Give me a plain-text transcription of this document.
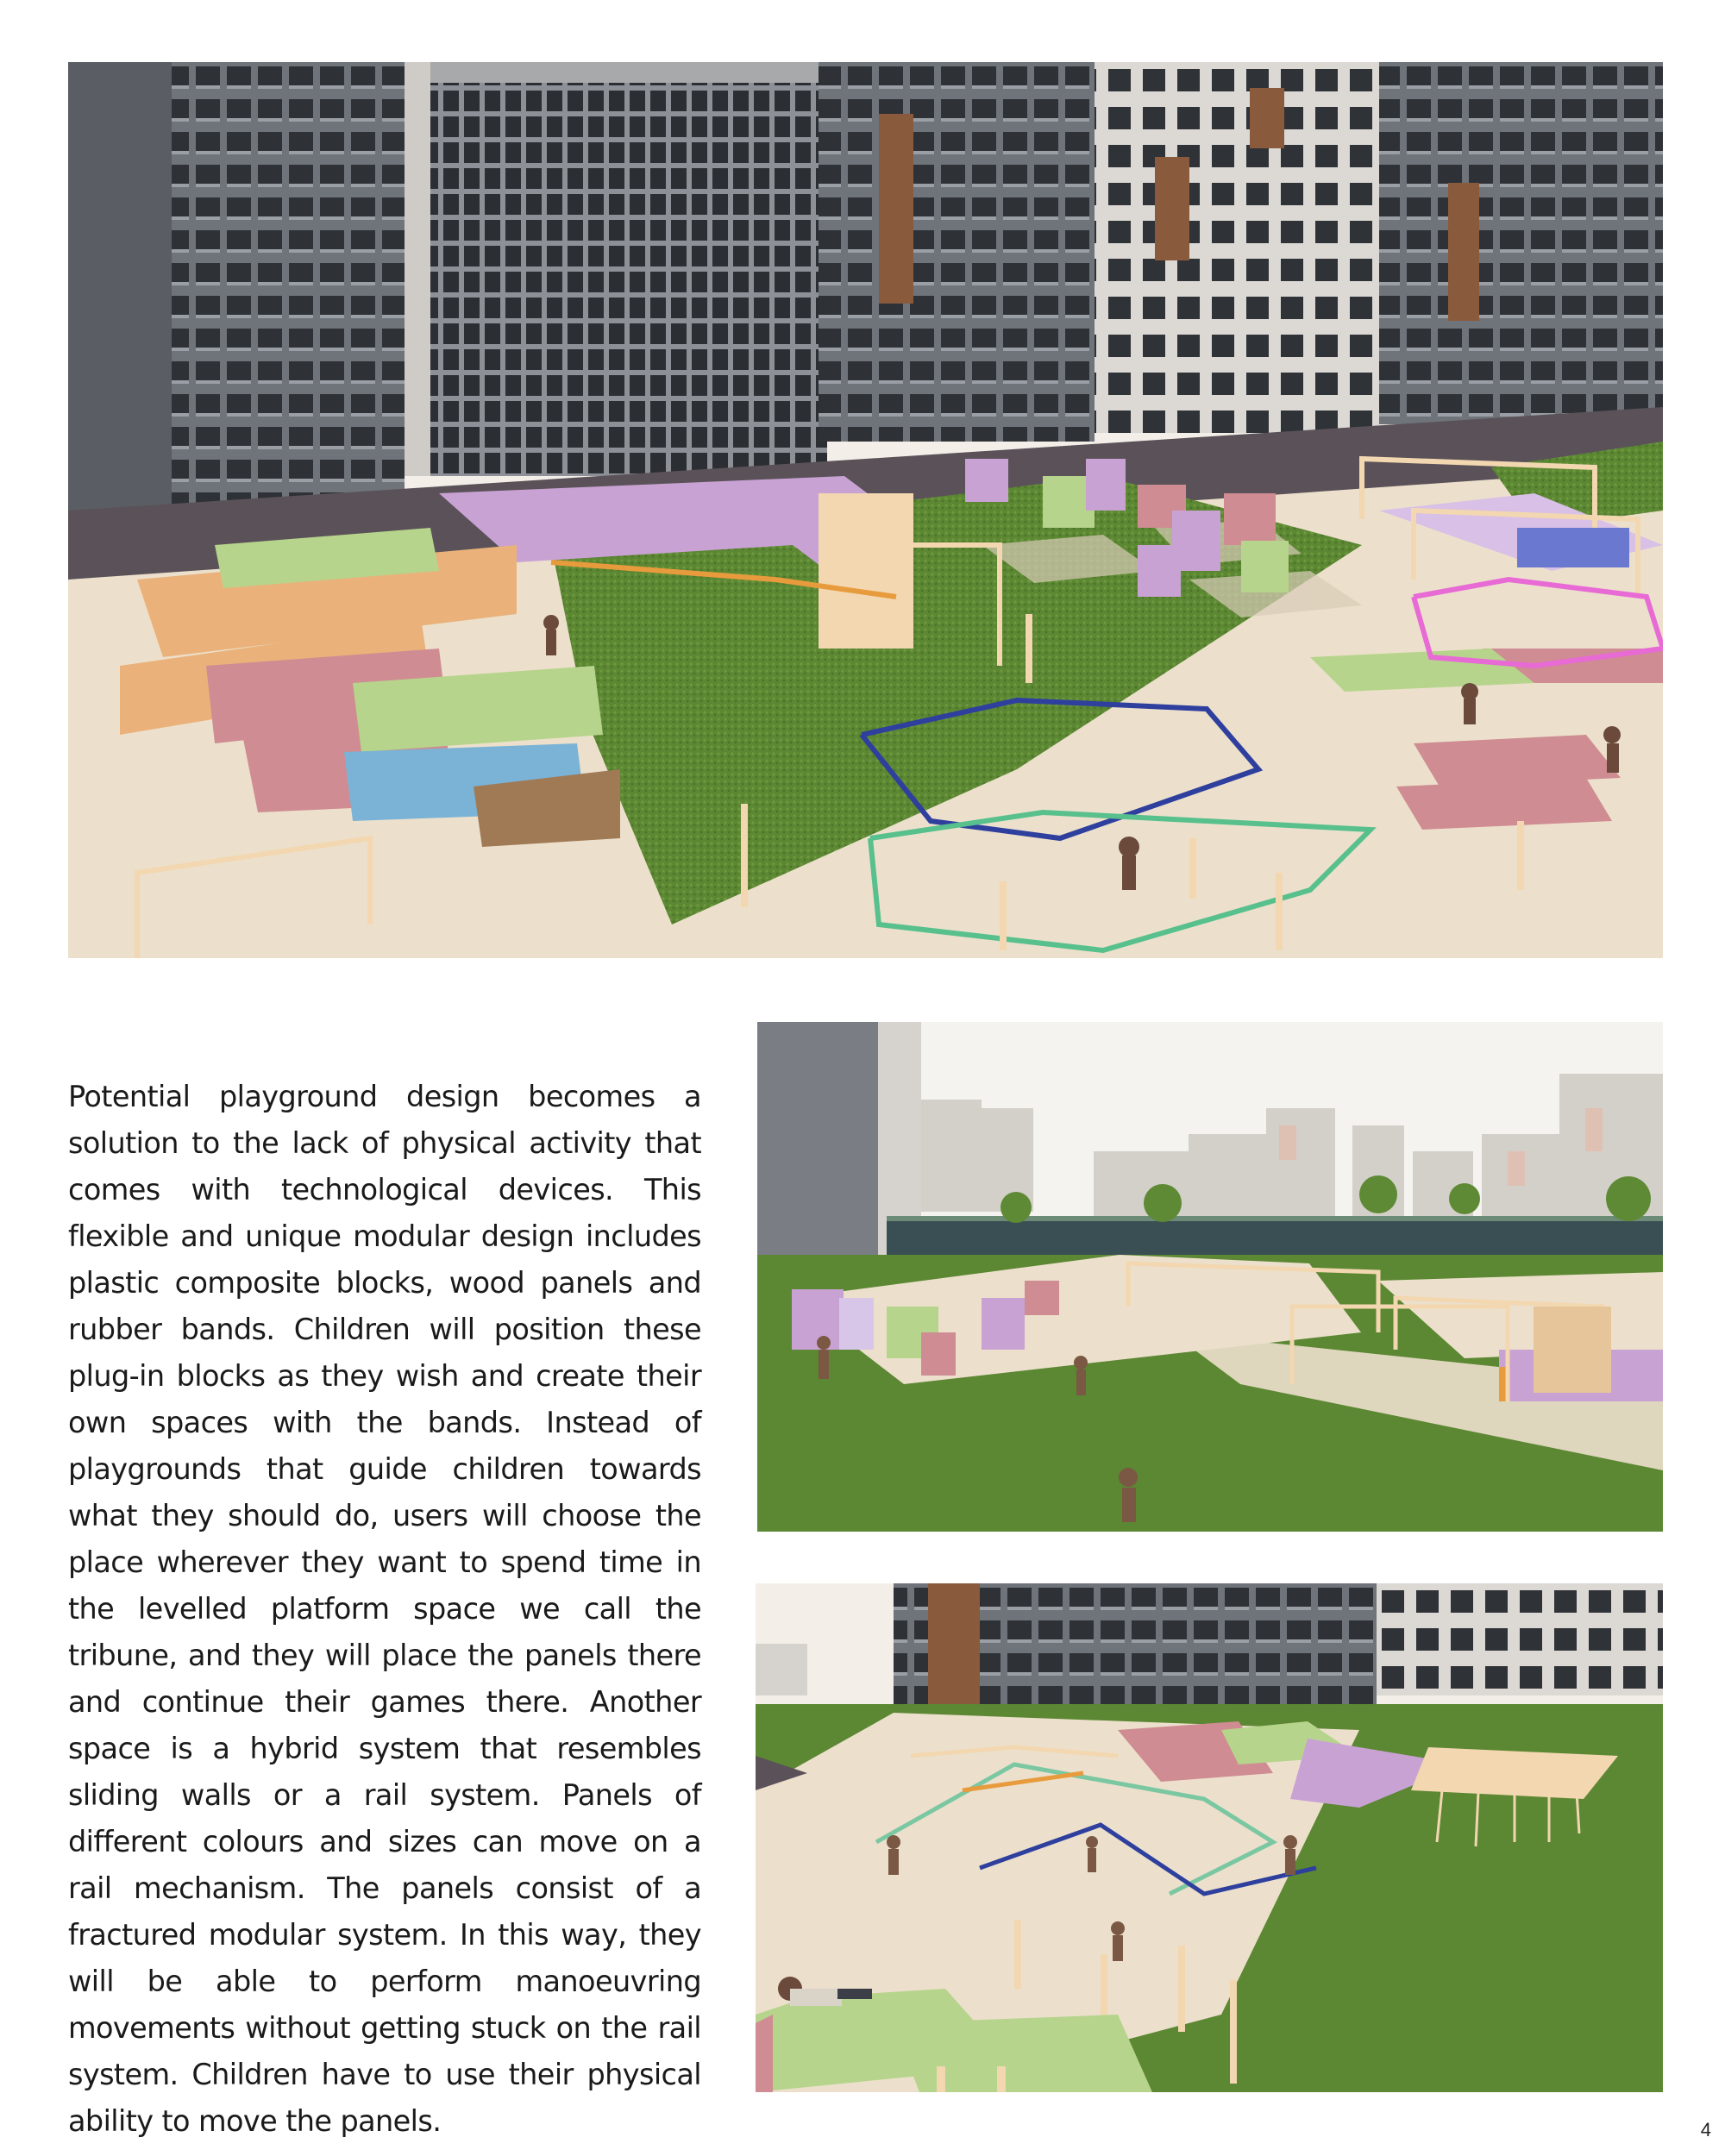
Potential playground design becomes a solution to the lack of physical activity that comes with technological devices. This flexible and unique modular design includes plastic composite blocks, wood panels and rubber bands. Children will position these plug-in blocks as they wish and create their own spaces with the bands. Instead of playgrounds that guide children towards what they should do, users will choose the place wherever they want to spend time in the levelled platform space we call the tribune, and they will place the panels there and continue their games there. Another space is a hybrid system that resembles sliding walls or a rail system. Panels of different colours and sizes can move on a rail mechanism. The panels consist of a fractured modular system. In this way, they will be able to perform manoeuvring movements without getting stuck on the rail system. Children have to use their physical ability to move the panels.	4
